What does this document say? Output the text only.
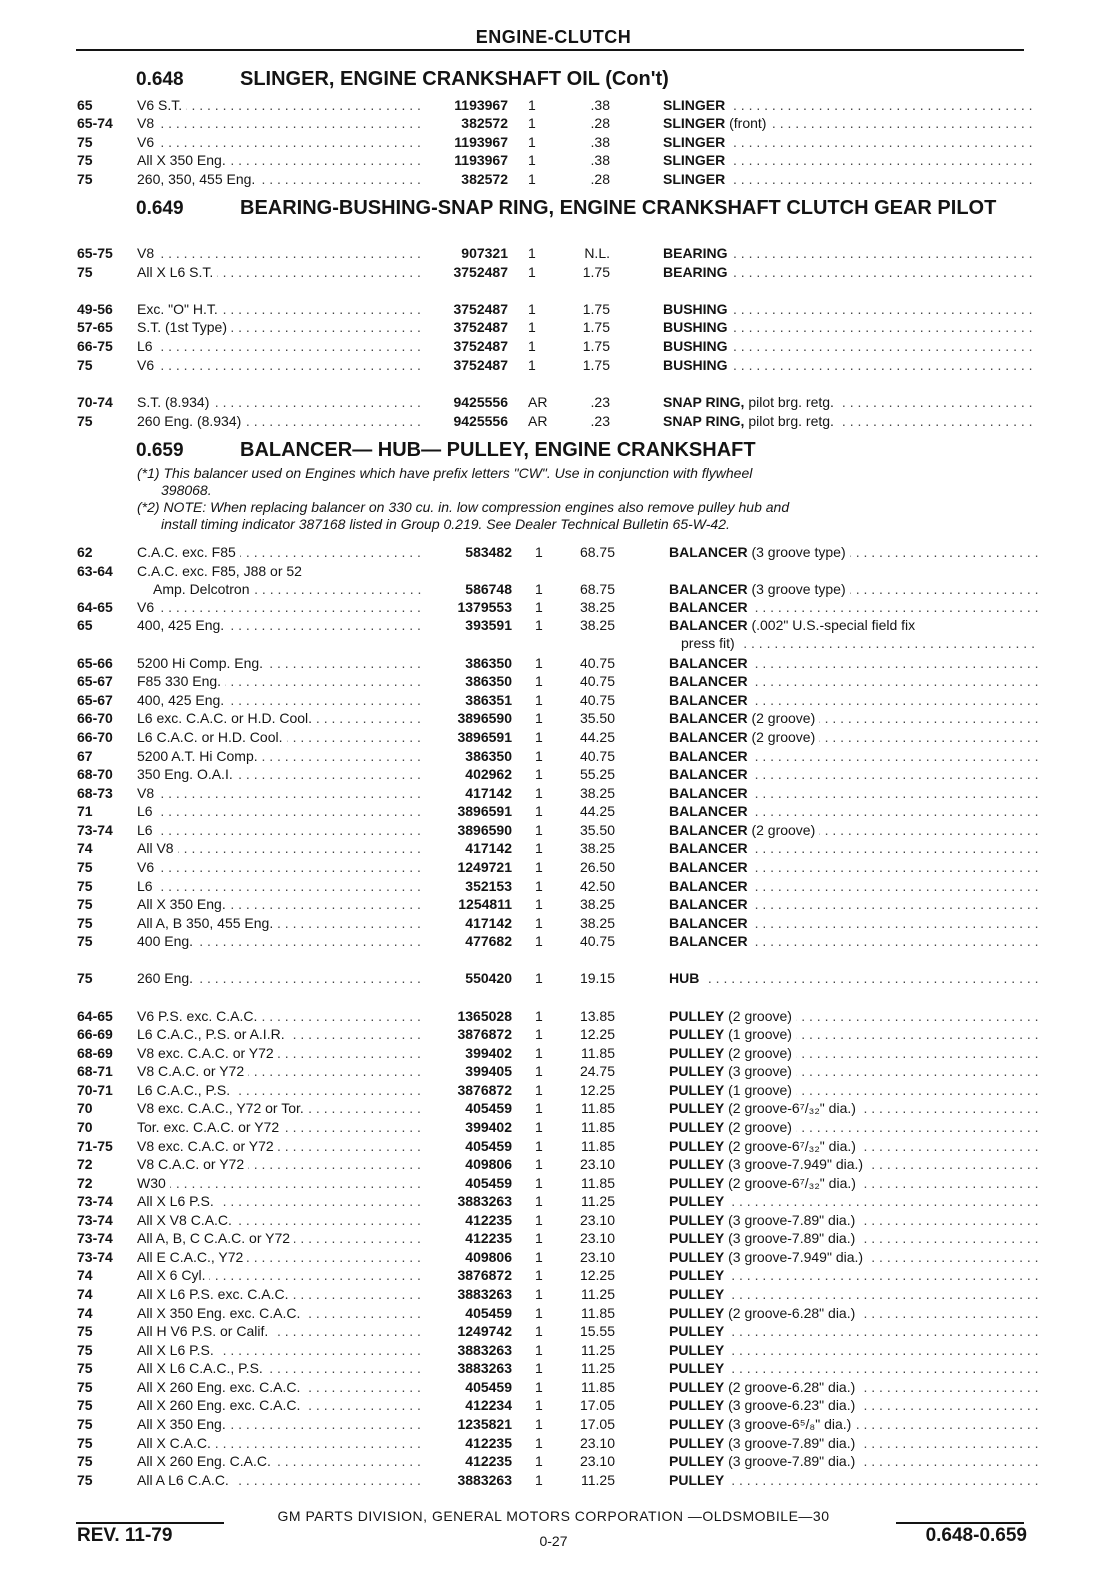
ENGINE-CLUTCH
0.648	SLINGER, ENGINE CRANKSHAFT OIL (Con't)
65	V6 S.T. . . .	1193967 1	.38	SLINGER . . .
65-74 V8 . . .	382572 1	.28	SLINGER (front) . . .
75	V6 . . .	1193967 1	.38	SLINGER . . .
75	All X 350 Eng. . . .	1193967 1	.38	SLINGER . . .
75	260, 350, 455 Eng. . . .	382572 1	.28	SLINGER . . .
0.649	BEARING-BUSHING-SNAP RING, ENGINE CRANKSHAFT CLUTCH GEAR PILOT
65-75 V8 . . .	907321 1	N.L.	BEARING . . .
75	All X L6 S.T. . . .	3752487 1	1.75	BEARING . . .
49-56 Exc. "O" H.T. . . .	3752487 1	1.75	BUSHING . . .
57-65 S.T. (1st Type) . . .	3752487 1	1.75	BUSHING . . .
66-75 L6 . . .	3752487 1	1.75	BUSHING . . .
75	V6 . . .	3752487 1	1.75	BUSHING . . .
70-74 S.T. (8.934) . . .	9425556 AR	.23	SNAP RING, pilot brg. retg. . . .
75	260 Eng. (8.934) . . .	9425556 AR	.23	SNAP RING, pilot brg. retg. . . .
0.659	BALANCER— HUB— PULLEY, ENGINE CRANKSHAFT
(*1) This balancer used on Engines which have prefix letters "CW". Use in conjunction with flywheel
398068.
(*2) NOTE: When replacing balancer on 330 cu. in. low compression engines also remove pulley hub and
install timing indicator 387168 listed in Group 0.219. See Dealer Technical Bulletin 65-W-42.
62	C.A.C. exc. F85 . . .	583482 1	68.75	BALANCER (3 groove type) . . .
63-64 C.A.C. exc. F85, J88 or 52
Amp. Delcotron . . .	586748 1	68.75	BALANCER (3 groove type) . . .
64-65 V6 . . .	1379553 1	38.25	BALANCER . . .
65	400, 425 Eng. . . .	393591 1	38.25	BALANCER (.002" U.S.-special field fix
press fit) . . .
65-66 5200 Hi Comp. Eng. . . .	386350 1	40.75	BALANCER . . .
65-67 F85 330 Eng. . . .	386350 1	40.75	BALANCER . . .
65-67 400, 425 Eng. . . .	386351 1	40.75	BALANCER . . .
66-70 L6 exc. C.A.C. or H.D. Cool. . . .	3896590 1	35.50	BALANCER (2 groove) . . .
66-70 L6 C.A.C. or H.D. Cool. . . .	3896591 1	44.25	BALANCER (2 groove) . . .
67	5200 A.T. Hi Comp. . . .	386350 1	40.75	BALANCER . . .
68-70 350 Eng. O.A.I. . . .	402962 1	55.25	BALANCER . . .
68-73 V8 . . .	417142 1	38.25	BALANCER . . .
71	L6 . . .	3896591 1	44.25	BALANCER . . .
73-74 L6 . . .	3896590 1	35.50	BALANCER (2 groove) . . .
74	All V8 . . .	417142 1	38.25	BALANCER . . .
75	V6 . . .	1249721 1	26.50	BALANCER . . .
75	L6 . . .	352153 1	42.50	BALANCER . . .
75	All X 350 Eng. . . .	1254811 1	38.25	BALANCER . . .
75	All A, B 350, 455 Eng. . . .	417142 1	38.25	BALANCER . . .
75	400 Eng. . . .	477682 1	40.75	BALANCER . . .
75	260 Eng. . . .	550420 1	19.15	HUB . . .
64-65 V6 P.S. exc. C.A.C. . . .	1365028 1	13.85	PULLEY (2 groove) . . .
66-69 L6 C.A.C., P.S. or A.I.R. . . .	3876872 1	12.25	PULLEY (1 groove) . . .
68-69 V8 exc. C.A.C. or Y72 . . .	399402 1	11.85	PULLEY (2 groove) . . .
68-71 V8 C.A.C. or Y72 . . .	399405 1	24.75	PULLEY (3 groove) . . .
70-71 L6 C.A.C., P.S. . . .	3876872 1	12.25	PULLEY (1 groove) . . .
70	V8 exc. C.A.C., Y72 or Tor. . . .	405459 1	11.85	PULLEY (2 groove-6⁷/₃₂" dia.) . . .
70	Tor. exc. C.A.C. or Y72 . . .	399402 1	11.85	PULLEY (2 groove) . . .
71-75 V8 exc. C.A.C. or Y72 . . .	405459 1	11.85	PULLEY (2 groove-6⁷/₃₂" dia.) . . .
72	V8 C.A.C. or Y72 . . .	409806 1	23.10	PULLEY (3 groove-7.949" dia.) . . .
72	W30 . . .	405459 1	11.85	PULLEY (2 groove-6⁷/₃₂" dia.) . . .
73-74 All X L6 P.S. . . .	3883263 1	11.25	PULLEY . . .
73-74 All X V8 C.A.C. . . .	412235 1	23.10	PULLEY (3 groove-7.89" dia.) . . .
73-74 All A, B, C C.A.C. or Y72 . . .	412235 1	23.10	PULLEY (3 groove-7.89" dia.) . . .
73-74 All E C.A.C., Y72 . . .	409806 1	23.10	PULLEY (3 groove-7.949" dia.) . . .
74	All X 6 Cyl. . . .	3876872 1	12.25	PULLEY . . .
74	All X L6 P.S. exc. C.A.C. . . .	3883263 1	11.25	PULLEY . . .
74	All X 350 Eng. exc. C.A.C. . . .	405459 1	11.85	PULLEY (2 groove-6.28" dia.) . . .
75	All H V6 P.S. or Calif. . . .	1249742 1	15.55	PULLEY . . .
75	All X L6 P.S. . . .	3883263 1	11.25	PULLEY . . .
75	All X L6 C.A.C., P.S. . . .	3883263 1	11.25	PULLEY . . .
75	All X 260 Eng. exc. C.A.C. . . .	405459 1	11.85	PULLEY (2 groove-6.28" dia.) . . .
75	All X 260 Eng. exc. C.A.C. . . .	412234 1	17.05	PULLEY (3 groove-6.23" dia.) . . .
75	All X 350 Eng. . . .	1235821 1	17.05	PULLEY (3 groove-6⁵/₈" dia.) . . .
75	All X C.A.C. . . .	412235 1	23.10	PULLEY (3 groove-7.89" dia.) . . .
75	All X 260 Eng. C.A.C. . . .	412235 1	23.10	PULLEY (3 groove-7.89" dia.) . . .
75	All A L6 C.A.C. . . .	3883263 1	11.25	PULLEY . . .
GM PARTS DIVISION, GENERAL MOTORS CORPORATION —OLDSMOBILE—30
REV. 11-79	0-27	0.648-0.659
